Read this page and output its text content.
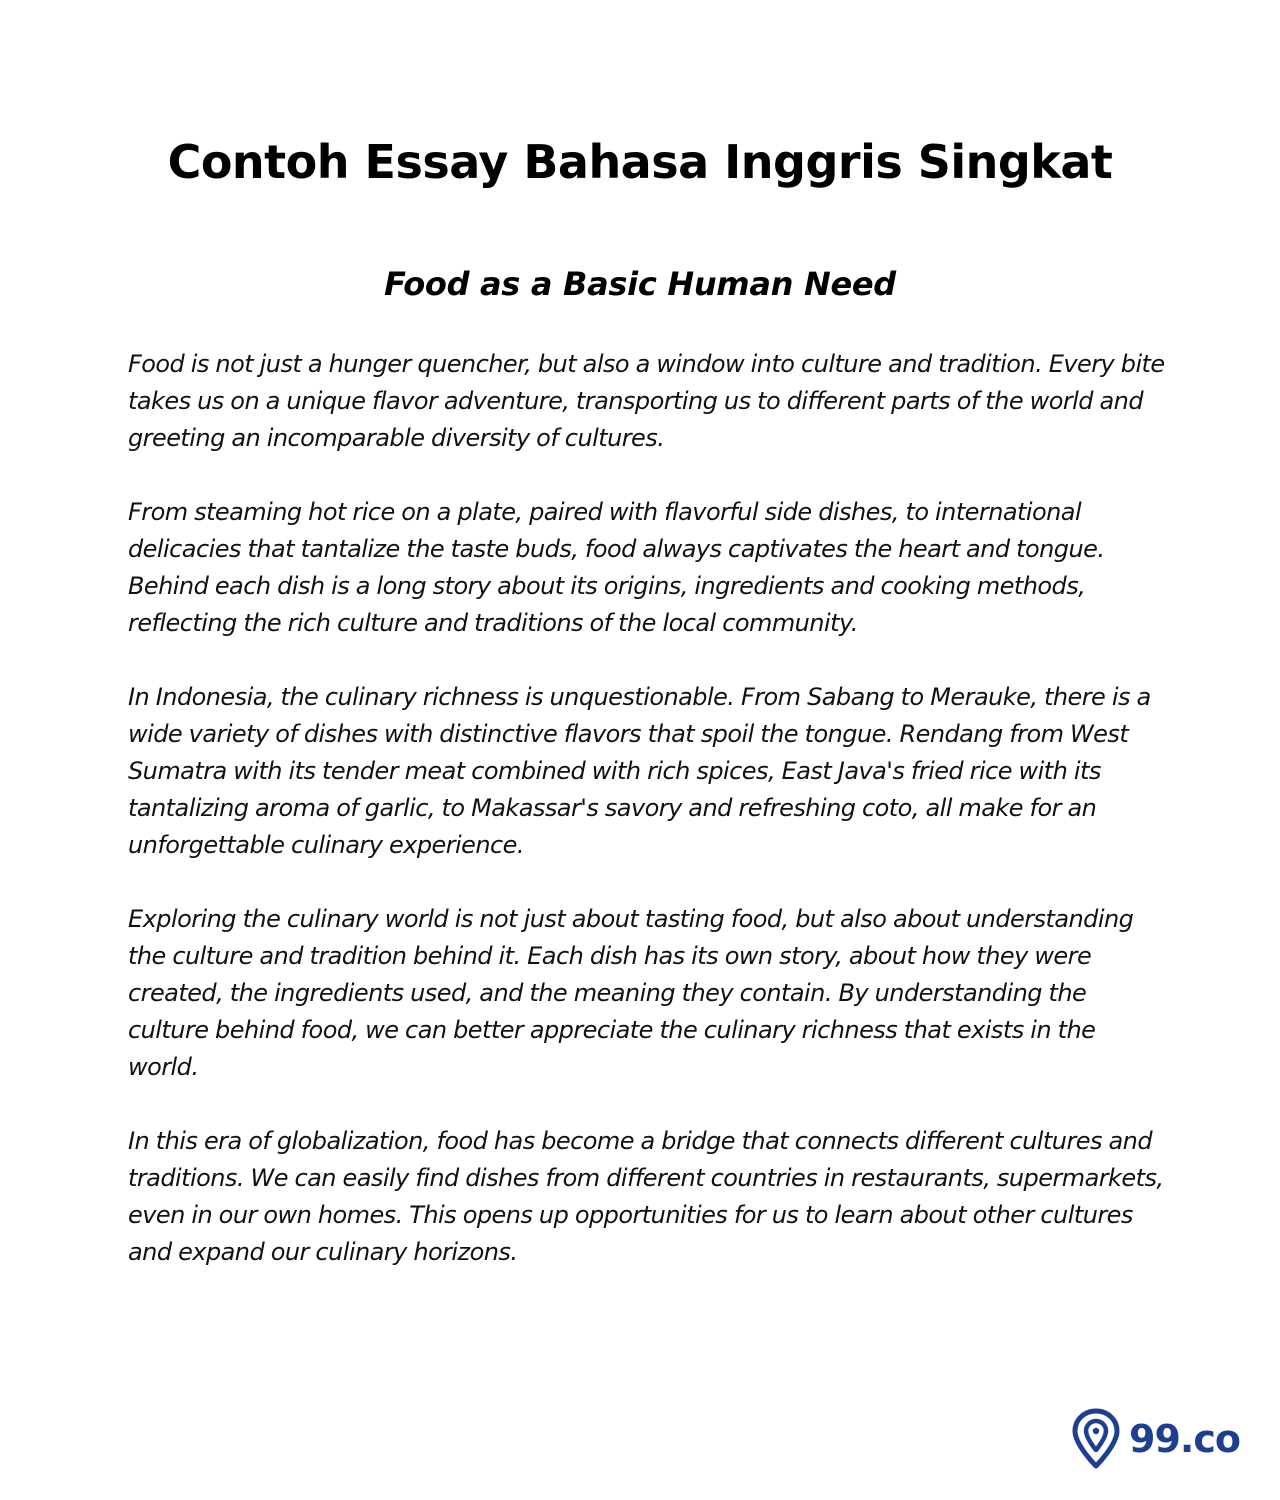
Contoh Essay Bahasa Inggris Singkat
Food as a Basic Human Need

Food is not just a hunger quencher, but also a window into culture and tradition. Every bite takes us on a unique flavor adventure, transporting us to different parts of the world and greeting an incomparable diversity of cultures.

From steaming hot rice on a plate, paired with flavorful side dishes, to international delicacies that tantalize the taste buds, food always captivates the heart and tongue. Behind each dish is a long story about its origins, ingredients and cooking methods, reflecting the rich culture and traditions of the local community.

In Indonesia, the culinary richness is unquestionable. From Sabang to Merauke, there is a wide variety of dishes with distinctive flavors that spoil the tongue. Rendang from West Sumatra with its tender meat combined with rich spices, East Java's fried rice with its tantalizing aroma of garlic, to Makassar's savory and refreshing coto, all make for an unforgettable culinary experience.

Exploring the culinary world is not just about tasting food, but also about understanding the culture and tradition behind it. Each dish has its own story, about how they were created, the ingredients used, and the meaning they contain. By understanding the culture behind food, we can better appreciate the culinary richness that exists in the world.

In this era of globalization, food has become a bridge that connects different cultures and traditions. We can easily find dishes from different countries in restaurants, supermarkets, even in our own homes. This opens up opportunities for us to learn about other cultures and expand our culinary horizons.

99.co
